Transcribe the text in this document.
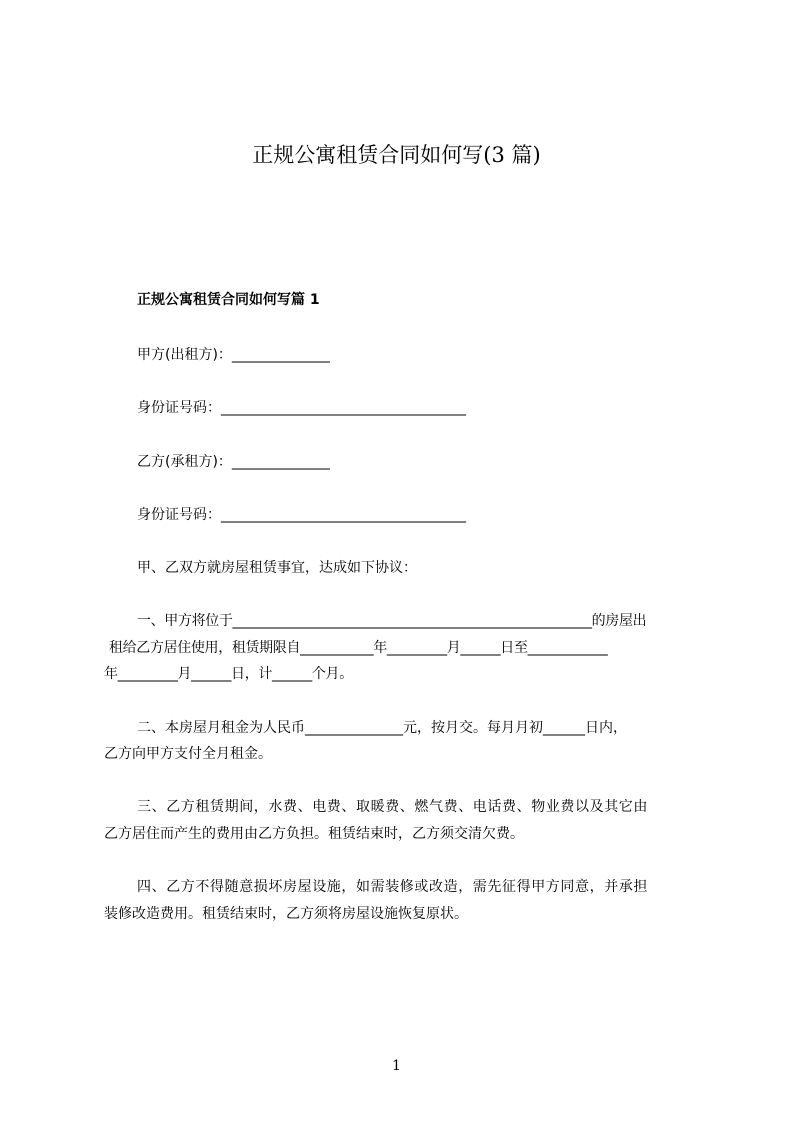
正规公寓租赁合同如何写(3 篇)
正规公寓租赁合同如何写篇 1
甲方(出租方)：______________
身份证号码：___________________________________
乙方(承租方)：______________
身份证号码：___________________________________
甲、乙双方就房屋租赁事宜，达成如下协议：
一、甲方将位于______________________________________________________的房屋出
租给乙方居住使用，租赁期限自___________年_________月______日至____________
年_________月______日，计______个月。
二、本房屋月租金为人民币______________元，按月交。每月月初______日内，
乙方向甲方支付全月租金。
三、乙方租赁期间，水费、电费、取暖费、燃气费、电话费、物业费以及其它由
乙方居住而产生的费用由乙方负担。租赁结束时，乙方须交清欠费。
四、乙方不得随意损坏房屋设施，如需装修或改造，需先征得甲方同意，并承担
装修改造费用。租赁结束时，乙方须将房屋设施恢复原状。
1
